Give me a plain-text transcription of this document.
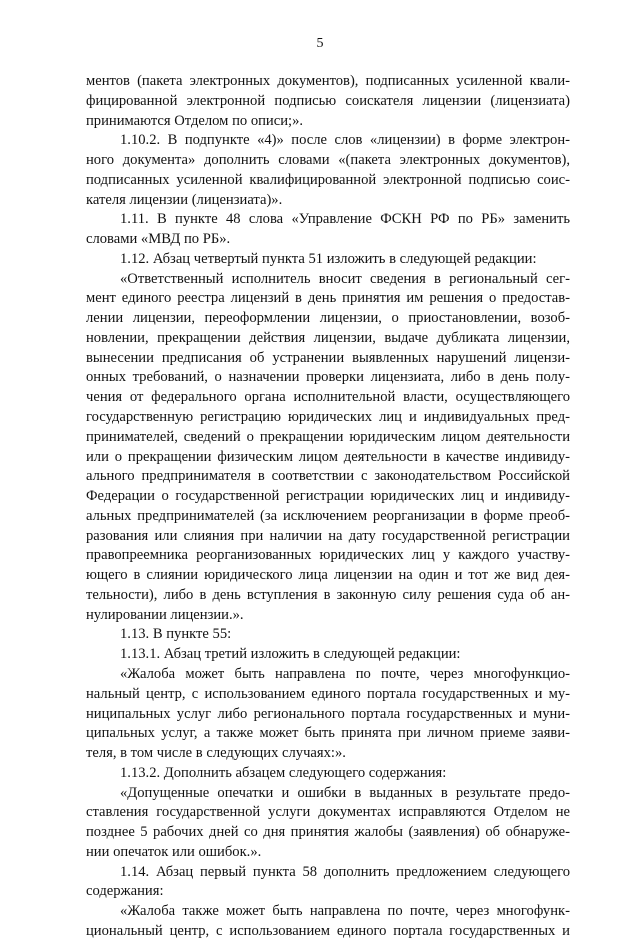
5
ментов (пакета электронных документов), подписанных усиленной квали-
фицированной электронной подписью соискателя лицензии (лицензиата)
принимаются Отделом по описи;».
1.10.2. В подпункте «4)» после слов «лицензии) в форме электрон-
ного документа» дополнить словами «(пакета электронных документов),
подписанных усиленной квалифицированной электронной подписью соис-
кателя лицензии (лицензиата)».
1.11. В пункте 48 слова «Управление ФСКН РФ по РБ» заменить
словами «МВД по РБ».
1.12. Абзац четвертый пункта 51 изложить в следующей редакции:
«Ответственный исполнитель вносит сведения в региональный сег-
мент единого реестра лицензий в день принятия им решения о предостав-
лении лицензии, переоформлении лицензии, о приостановлении, возоб-
новлении, прекращении действия лицензии, выдаче дубликата лицензии,
вынесении предписания об устранении выявленных нарушений лицензи-
онных требований, о назначении проверки лицензиата, либо в день полу-
чения от федерального органа исполнительной власти, осуществляющего
государственную регистрацию юридических лиц и индивидуальных пред-
принимателей, сведений о прекращении юридическим лицом деятельности
или о прекращении физическим лицом деятельности в качестве индивиду-
ального предпринимателя в соответствии с законодательством Российской
Федерации о государственной регистрации юридических лиц и индивиду-
альных предпринимателей (за исключением реорганизации в форме преоб-
разования или слияния при наличии на дату государственной регистрации
правопреемника реорганизованных юридических лиц у каждого участву-
ющего в слиянии юридического лица лицензии на один и тот же вид дея-
тельности), либо в день вступления в законную силу решения суда об ан-
нулировании лицензии.».
1.13. В пункте 55:
1.13.1. Абзац третий изложить в следующей редакции:
«Жалоба может быть направлена по почте, через многофункцио-
нальный центр, с использованием единого портала государственных и му-
ниципальных услуг либо регионального портала государственных и муни-
ципальных услуг, а также может быть принята при личном приеме заяви-
теля, в том числе в следующих случаях:».
1.13.2. Дополнить абзацем следующего содержания:
«Допущенные опечатки и ошибки в выданных в результате предо-
ставления государственной услуги документах исправляются Отделом не
позднее 5 рабочих дней со дня принятия жалобы (заявления) об обнаруже-
нии опечаток или ошибок.».
1.14. Абзац первый пункта 58 дополнить предложением следующего
содержания:
«Жалоба также может быть направлена по почте, через многофунк-
циональный центр, с использованием единого портала государственных и
